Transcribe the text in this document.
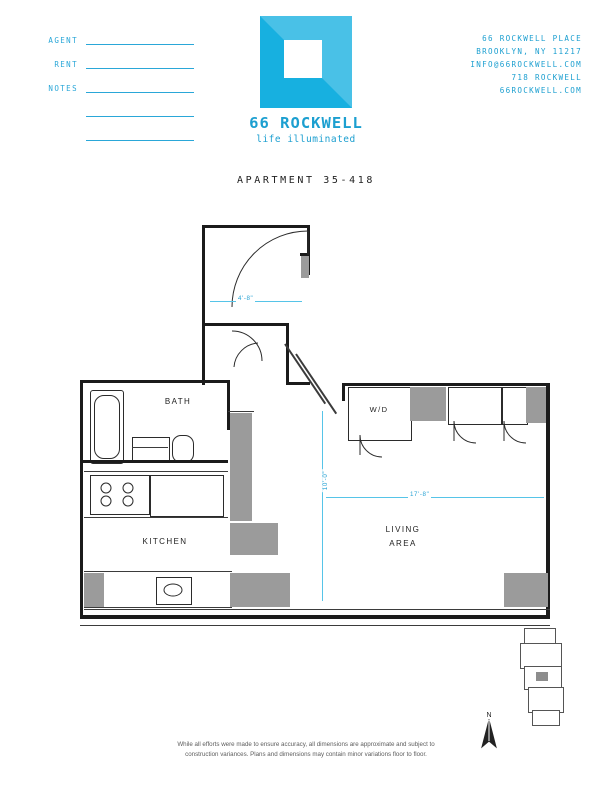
AGENT
RENT
NOTES
66 ROCKWELL
life illuminated
66 ROCKWELL PLACE
BROOKLYN, NY 11217
INFO@66ROCKWELL.COM
718 ROCKWELL
66ROCKWELL.COM
APARTMENT 35-418
4'-8"
BATH
KITCHEN
LIVING
AREA
W/D
10'-0"
17'-8"
N
While all efforts were made to ensure accuracy, all dimensions are approximate and subject to
construction variances. Plans and dimensions may contain minor variations floor to floor.
